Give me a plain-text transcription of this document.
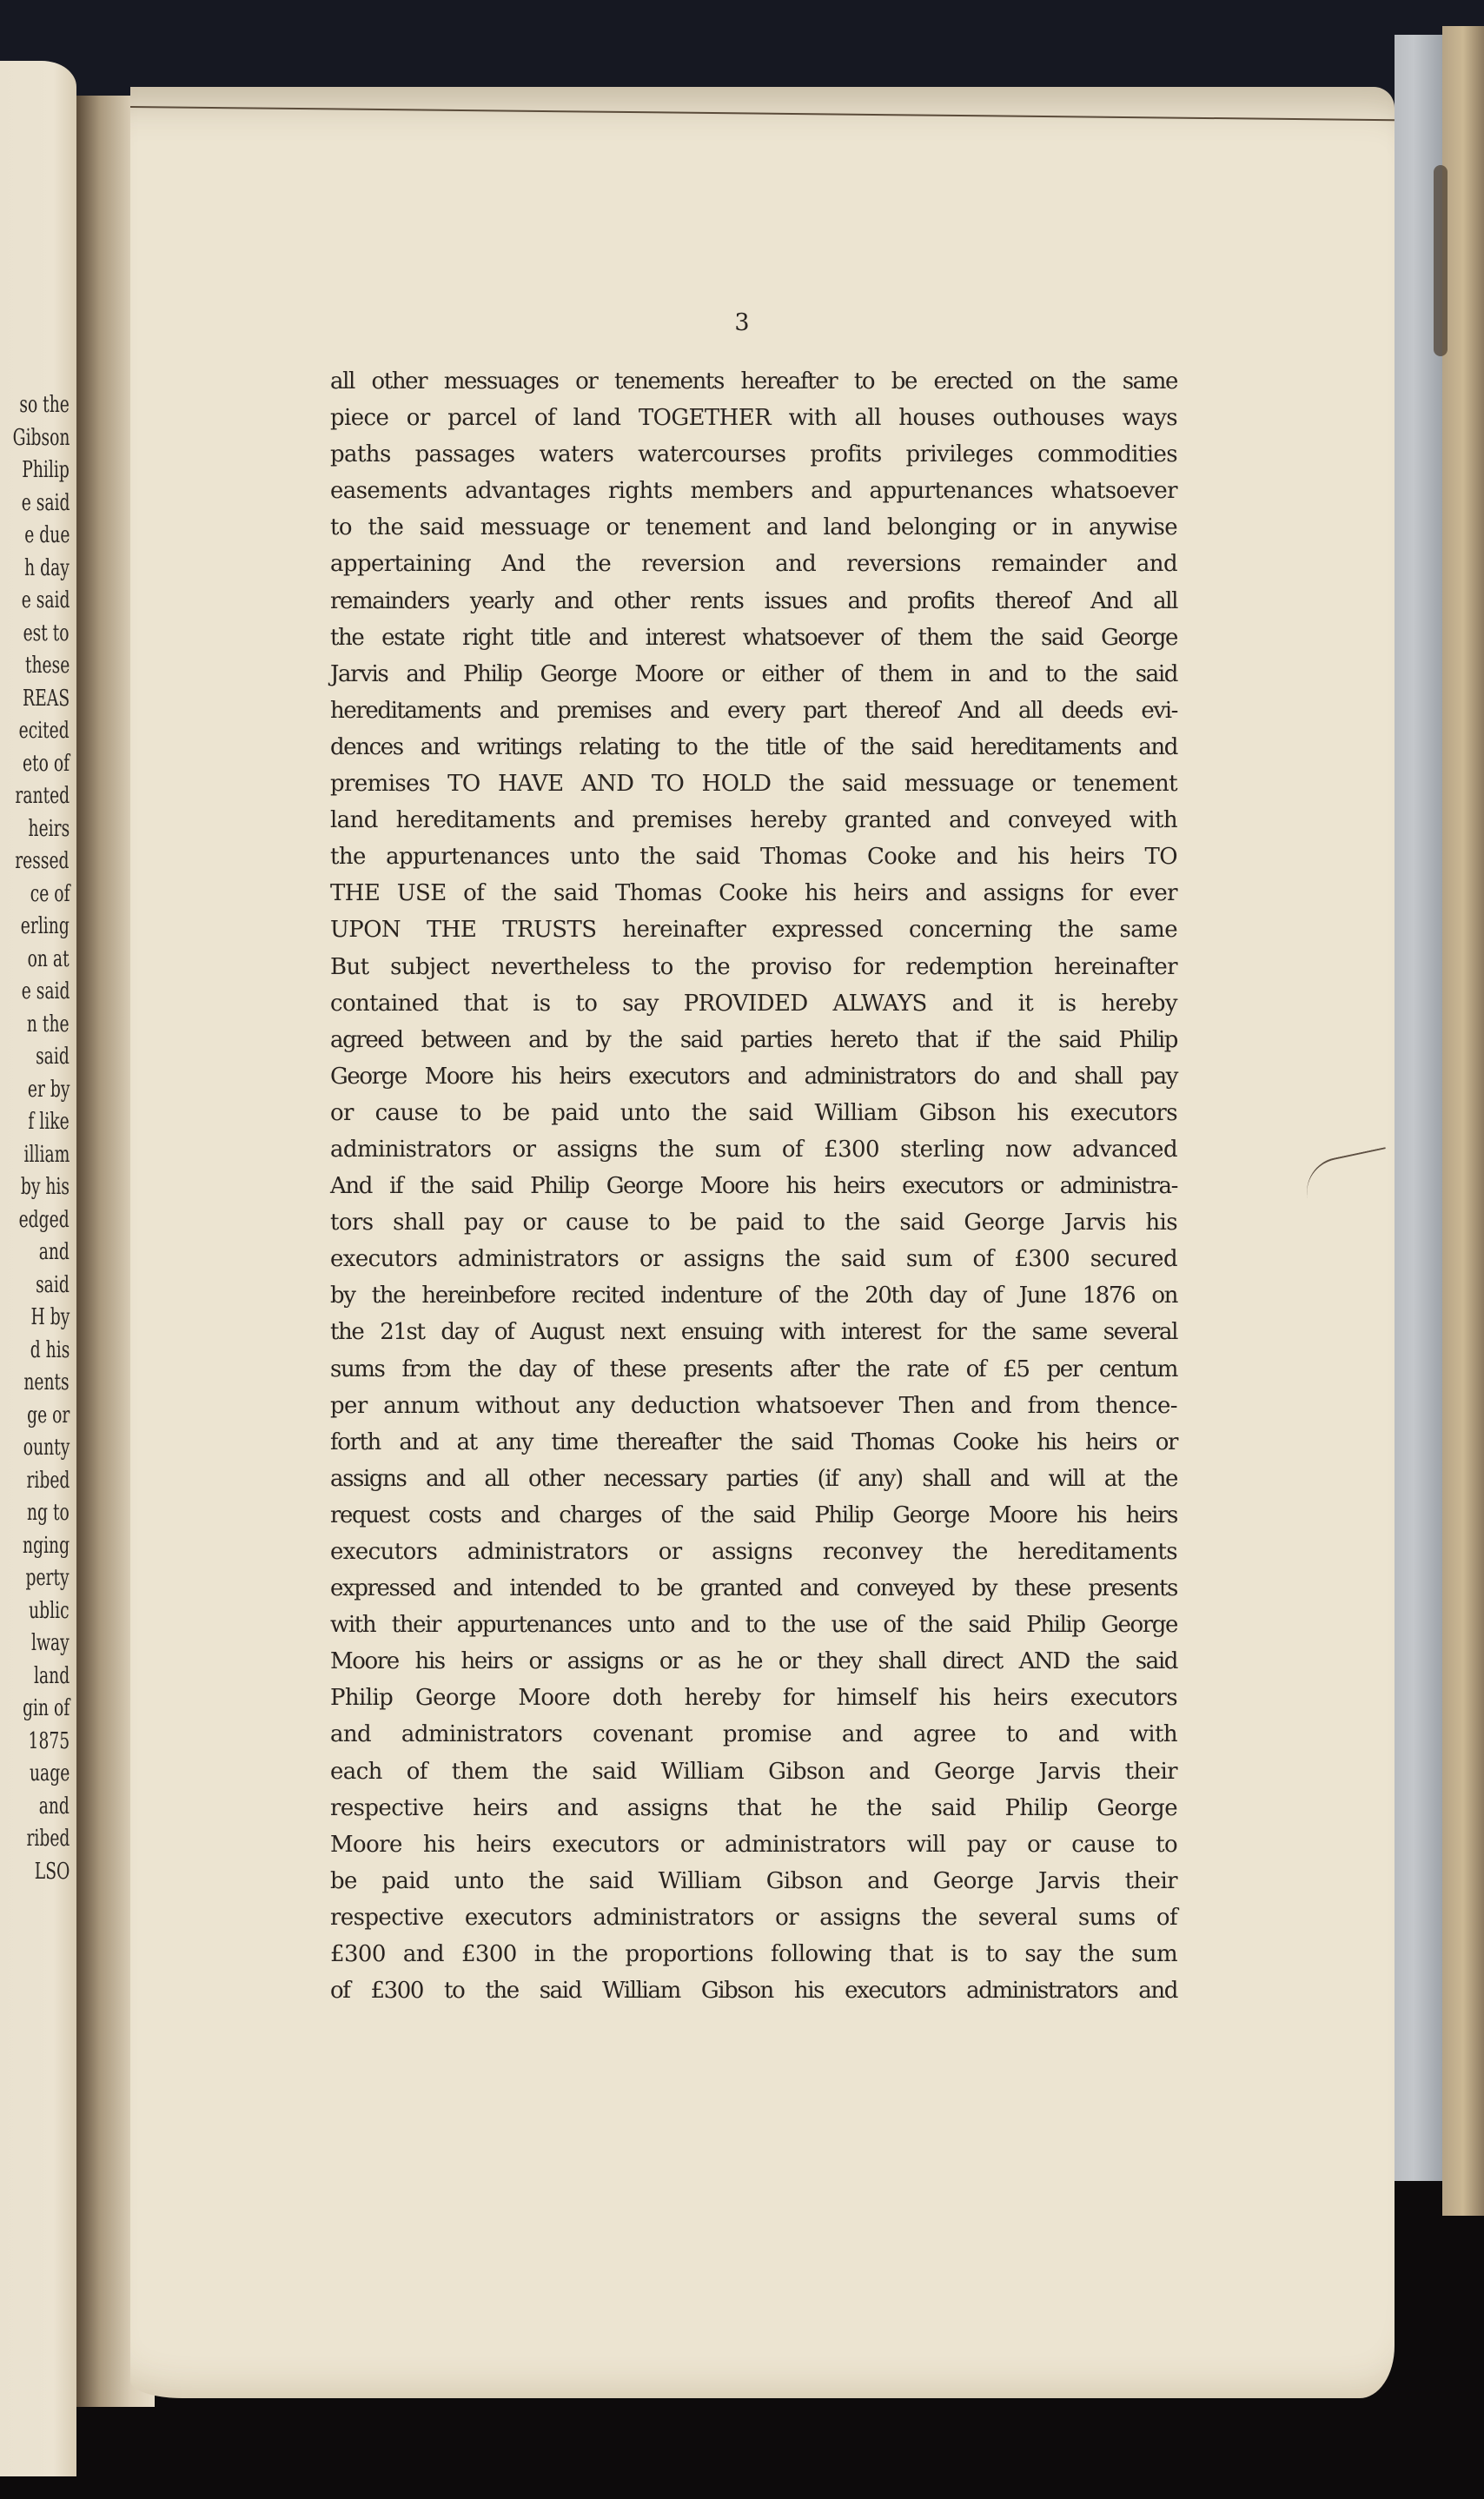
so the
Gibson
Philip
e said
e due
h day
e said
est to
these
REAS
ecited
eto of
ranted
heirs
ressed
ce of
erling
on at
e said
n the
said
er by
f like
illiam
by his
edged
and
said
H by
d his
nents
ge or
ounty
ribed
ng to
nging
perty
ublic
lway
land
gin of
1875
uage
and
ribed
LSO
3
all other messuages or tenements hereafter to be erected on the same
piece or parcel of land TOGETHER with all houses outhouses ways
paths passages waters watercourses profits privileges commodities
easements advantages rights members and appurtenances whatsoever
to the said messuage or tenement and land belonging or in anywise
appertaining And the reversion and reversions remainder and
remainders yearly and other rents issues and profits thereof And all
the estate right title and interest whatsoever of them the said George
Jarvis and Philip George Moore or either of them in and to the said
hereditaments and premises and every part thereof And all deeds evi-
dences and writings relating to the title of the said hereditaments and
premises TO HAVE AND TO HOLD the said messuage or tenement
land hereditaments and premises hereby granted and conveyed with
the appurtenances unto the said Thomas Cooke and his heirs TO
THE USE of the said Thomas Cooke his heirs and assigns for ever
UPON THE TRUSTS hereinafter expressed concerning the same
But subject nevertheless to the proviso for redemption hereinafter
contained that is to say PROVIDED ALWAYS and it is hereby
agreed between and by the said parties hereto that if the said Philip
George Moore his heirs executors and administrators do and shall pay
or cause to be paid unto the said William Gibson his executors
administrators or assigns the sum of £300 sterling now advanced
And if the said Philip George Moore his heirs executors or administra-
tors shall pay or cause to be paid to the said George Jarvis his
executors administrators or assigns the said sum of £300 secured
by the hereinbefore recited indenture of the 20th day of June 1876 on
the 21st day of August next ensuing with interest for the same several
sums frɔm the day of these presents after the rate of £5 per centum
per annum without any deduction whatsoever Then and from thence-
forth and at any time thereafter the said Thomas Cooke his heirs or
assigns and all other necessary parties (if any) shall and will at the
request costs and charges of the said Philip George Moore his heirs
executors administrators or assigns reconvey the hereditaments
expressed and intended to be granted and conveyed by these presents
with their appurtenances unto and to the use of the said Philip George
Moore his heirs or assigns or as he or they shall direct AND the said
Philip George Moore doth hereby for himself his heirs executors
and administrators covenant promise and agree to and with
each of them the said William Gibson and George Jarvis their
respective heirs and assigns that he the said Philip George
Moore his heirs executors or administrators will pay or cause to
be paid unto the said William Gibson and George Jarvis their
respective executors administrators or assigns the several sums of
£300 and £300 in the proportions following that is to say the sum
of £300 to the said William Gibson his executors administrators and
